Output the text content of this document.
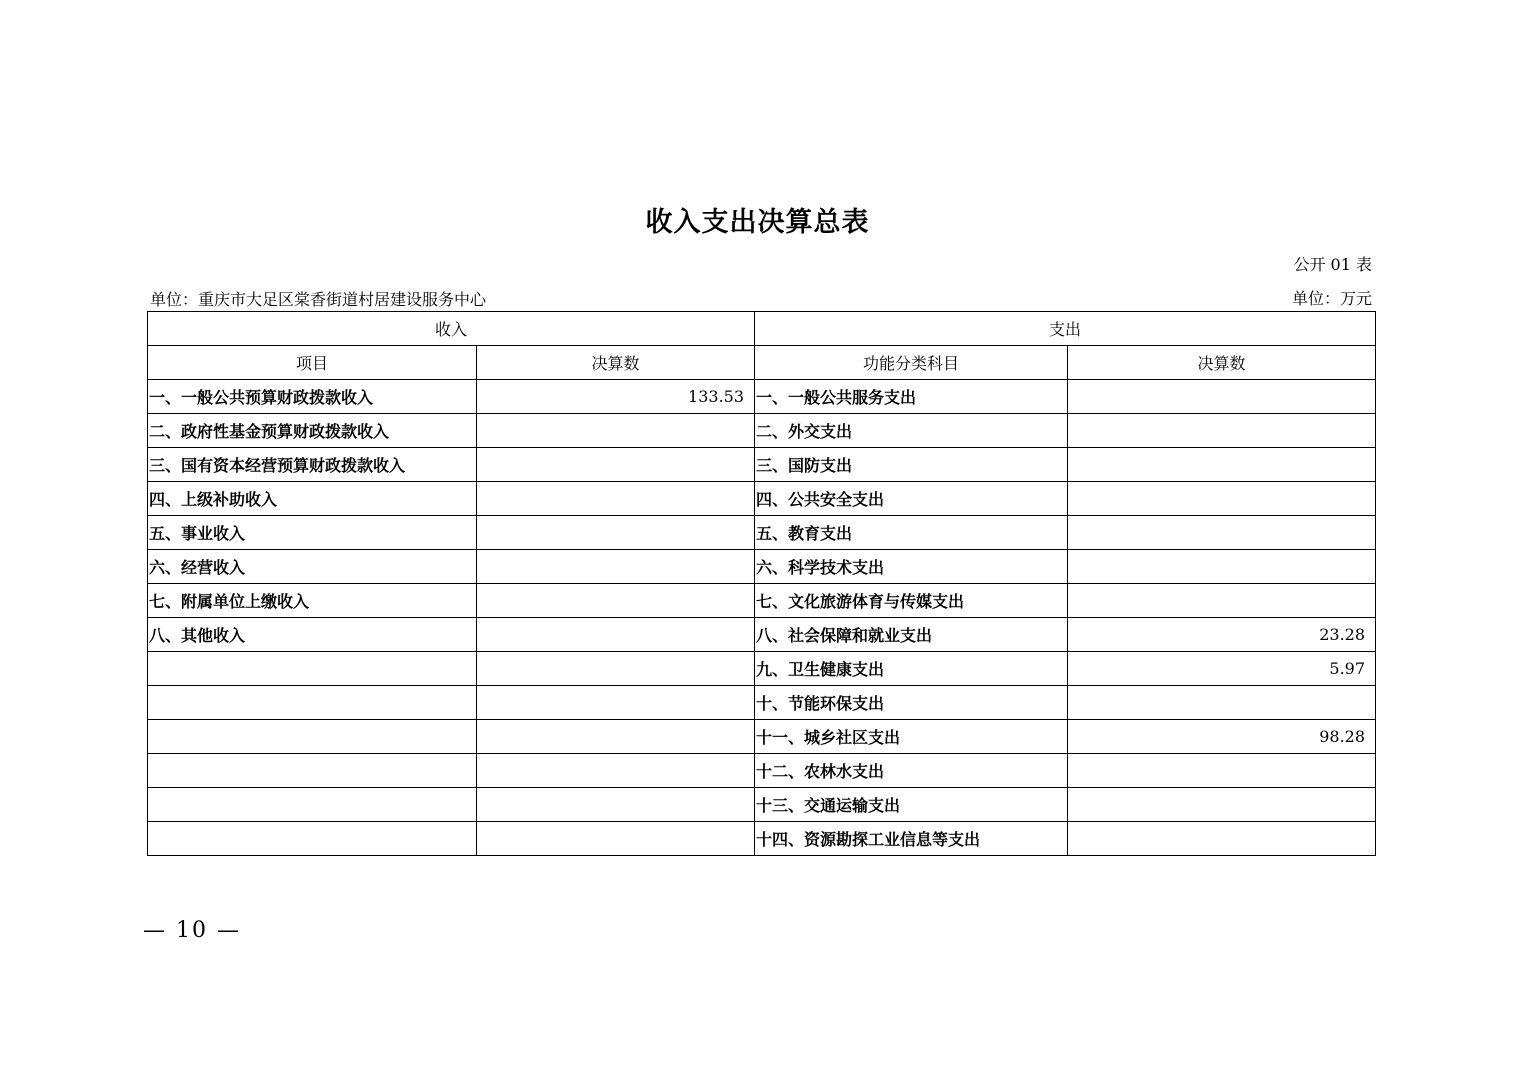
收入支出决算总表
公开 01 表
单位：重庆市大足区棠香街道村居建设服务中心	单位：万元
收入		支出	
项目	决算数	功能分类科目	决算数
一、一般公共预算财政拨款收入	133.53	一、一般公共服务支出	
二、政府性基金预算财政拨款收入		二、外交支出	
三、国有资本经营预算财政拨款收入		三、国防支出	
四、上级补助收入		四、公共安全支出	
五、事业收入		五、教育支出	
六、经营收入		六、科学技术支出	
七、附属单位上缴收入		七、文化旅游体育与传媒支出	
八、其他收入		八、社会保障和就业支出	23.28
		九、卫生健康支出	5.97
		十、节能环保支出	
		十一、城乡社区支出	98.28
		十二、农林水支出	
		十三、交通运输支出	
		十四、资源勘探工业信息等支出	
— 10 —
